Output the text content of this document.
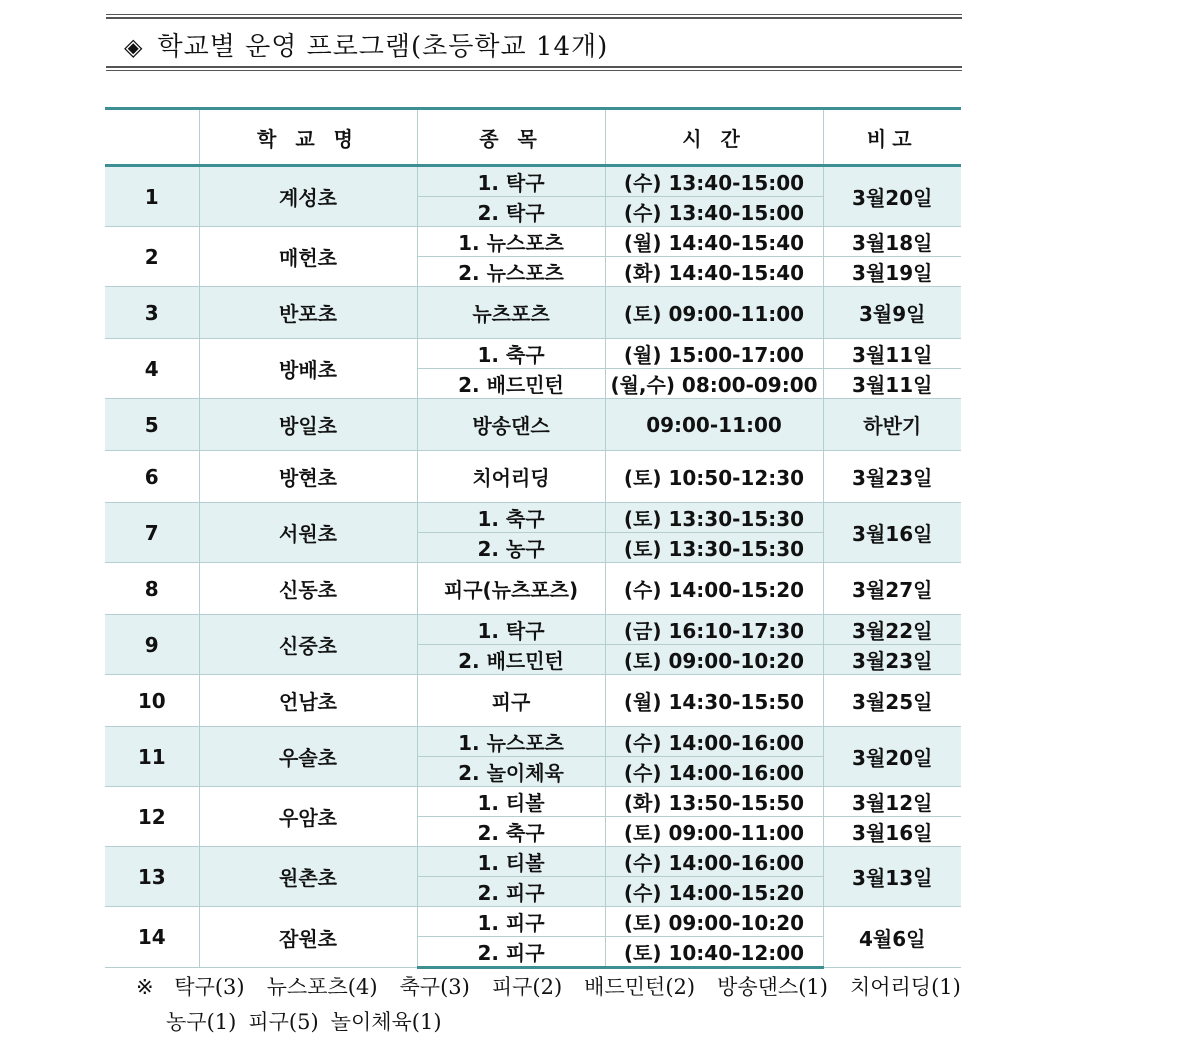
◈ 학교별 운영 프로그램(초등학교 14개)
	학 교 명	종 목	시 간	비고
1	계성초	1. 탁구	(수) 13:40-15:00	3월20일
		2. 탁구	(수) 13:40-15:00	
2	매헌초	1. 뉴스포츠	(월) 14:40-15:40	3월18일
		2. 뉴스포츠	(화) 14:40-15:40	3월19일
3	반포초	뉴츠포츠	(토) 09:00-11:00	3월9일
4	방배초	1. 축구	(월) 15:00-17:00	3월11일
		2. 배드민턴	(월,수) 08:00-09:00	3월11일
5	방일초	방송댄스	09:00-11:00	하반기
6	방현초	치어리딩	(토) 10:50-12:30	3월23일
7	서원초	1. 축구	(토) 13:30-15:30	3월16일
		2. 농구	(토) 13:30-15:30	
8	신동초	피구(뉴츠포츠)	(수) 14:00-15:20	3월27일
9	신중초	1. 탁구	(금) 16:10-17:30	3월22일
		2. 배드민턴	(토) 09:00-10:20	3월23일
10	언남초	피구	(월) 14:30-15:50	3월25일
11	우솔초	1. 뉴스포츠	(수) 14:00-16:00	3월20일
		2. 놀이체육	(수) 14:00-16:00	
12	우암초	1. 티볼	(화) 13:50-15:50	3월12일
		2. 축구	(토) 09:00-11:00	3월16일
13	원촌초	1. 티볼	(수) 14:00-16:00	3월13일
		2. 피구	(수) 14:00-15:20	
14	잠원초	1. 피구	(토) 09:00-10:20	4월6일
		2. 피구	(토) 10:40-12:00	
※ 탁구(3) 뉴스포츠(4) 축구(3) 피구(2) 배드민턴(2) 방송댄스(1) 치어리딩(1)
농구(1) 피구(5) 놀이체육(1)
